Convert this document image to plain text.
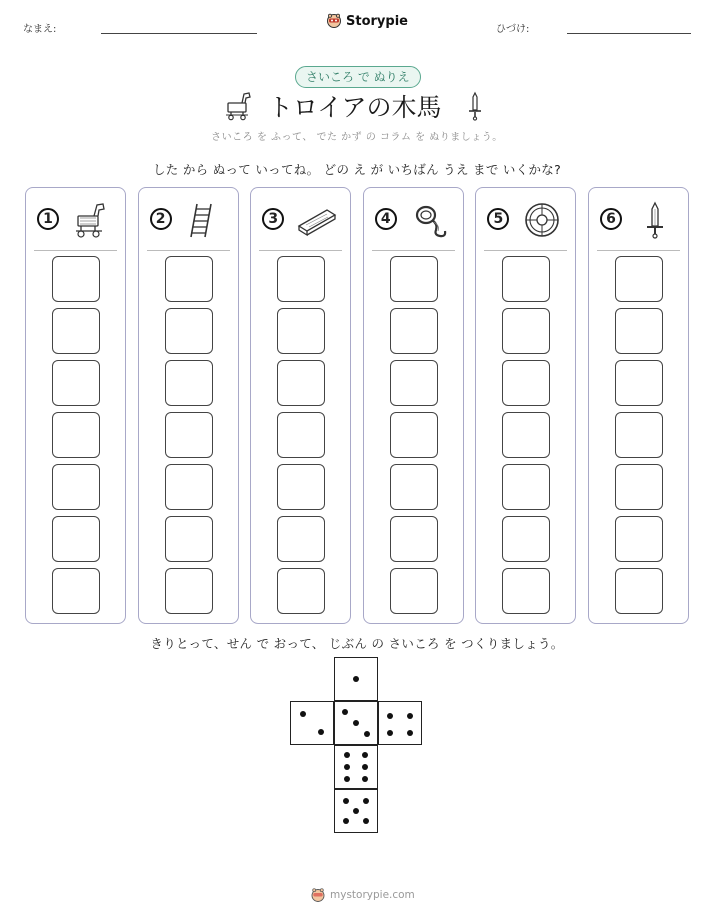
なまえ:
Storypie
ひづけ:
さいころ で ぬりえ
トロイアの木馬
さいころ を ふって、 でた かず の コラム を ぬりましょう。
した から ぬって いってね。 どの え が いちばん うえ まで いくかな?
1	2	3	4	5	6
きりとって、せん で おって、 じぶん の さいころ を つくりましょう。
mystorypie.com
